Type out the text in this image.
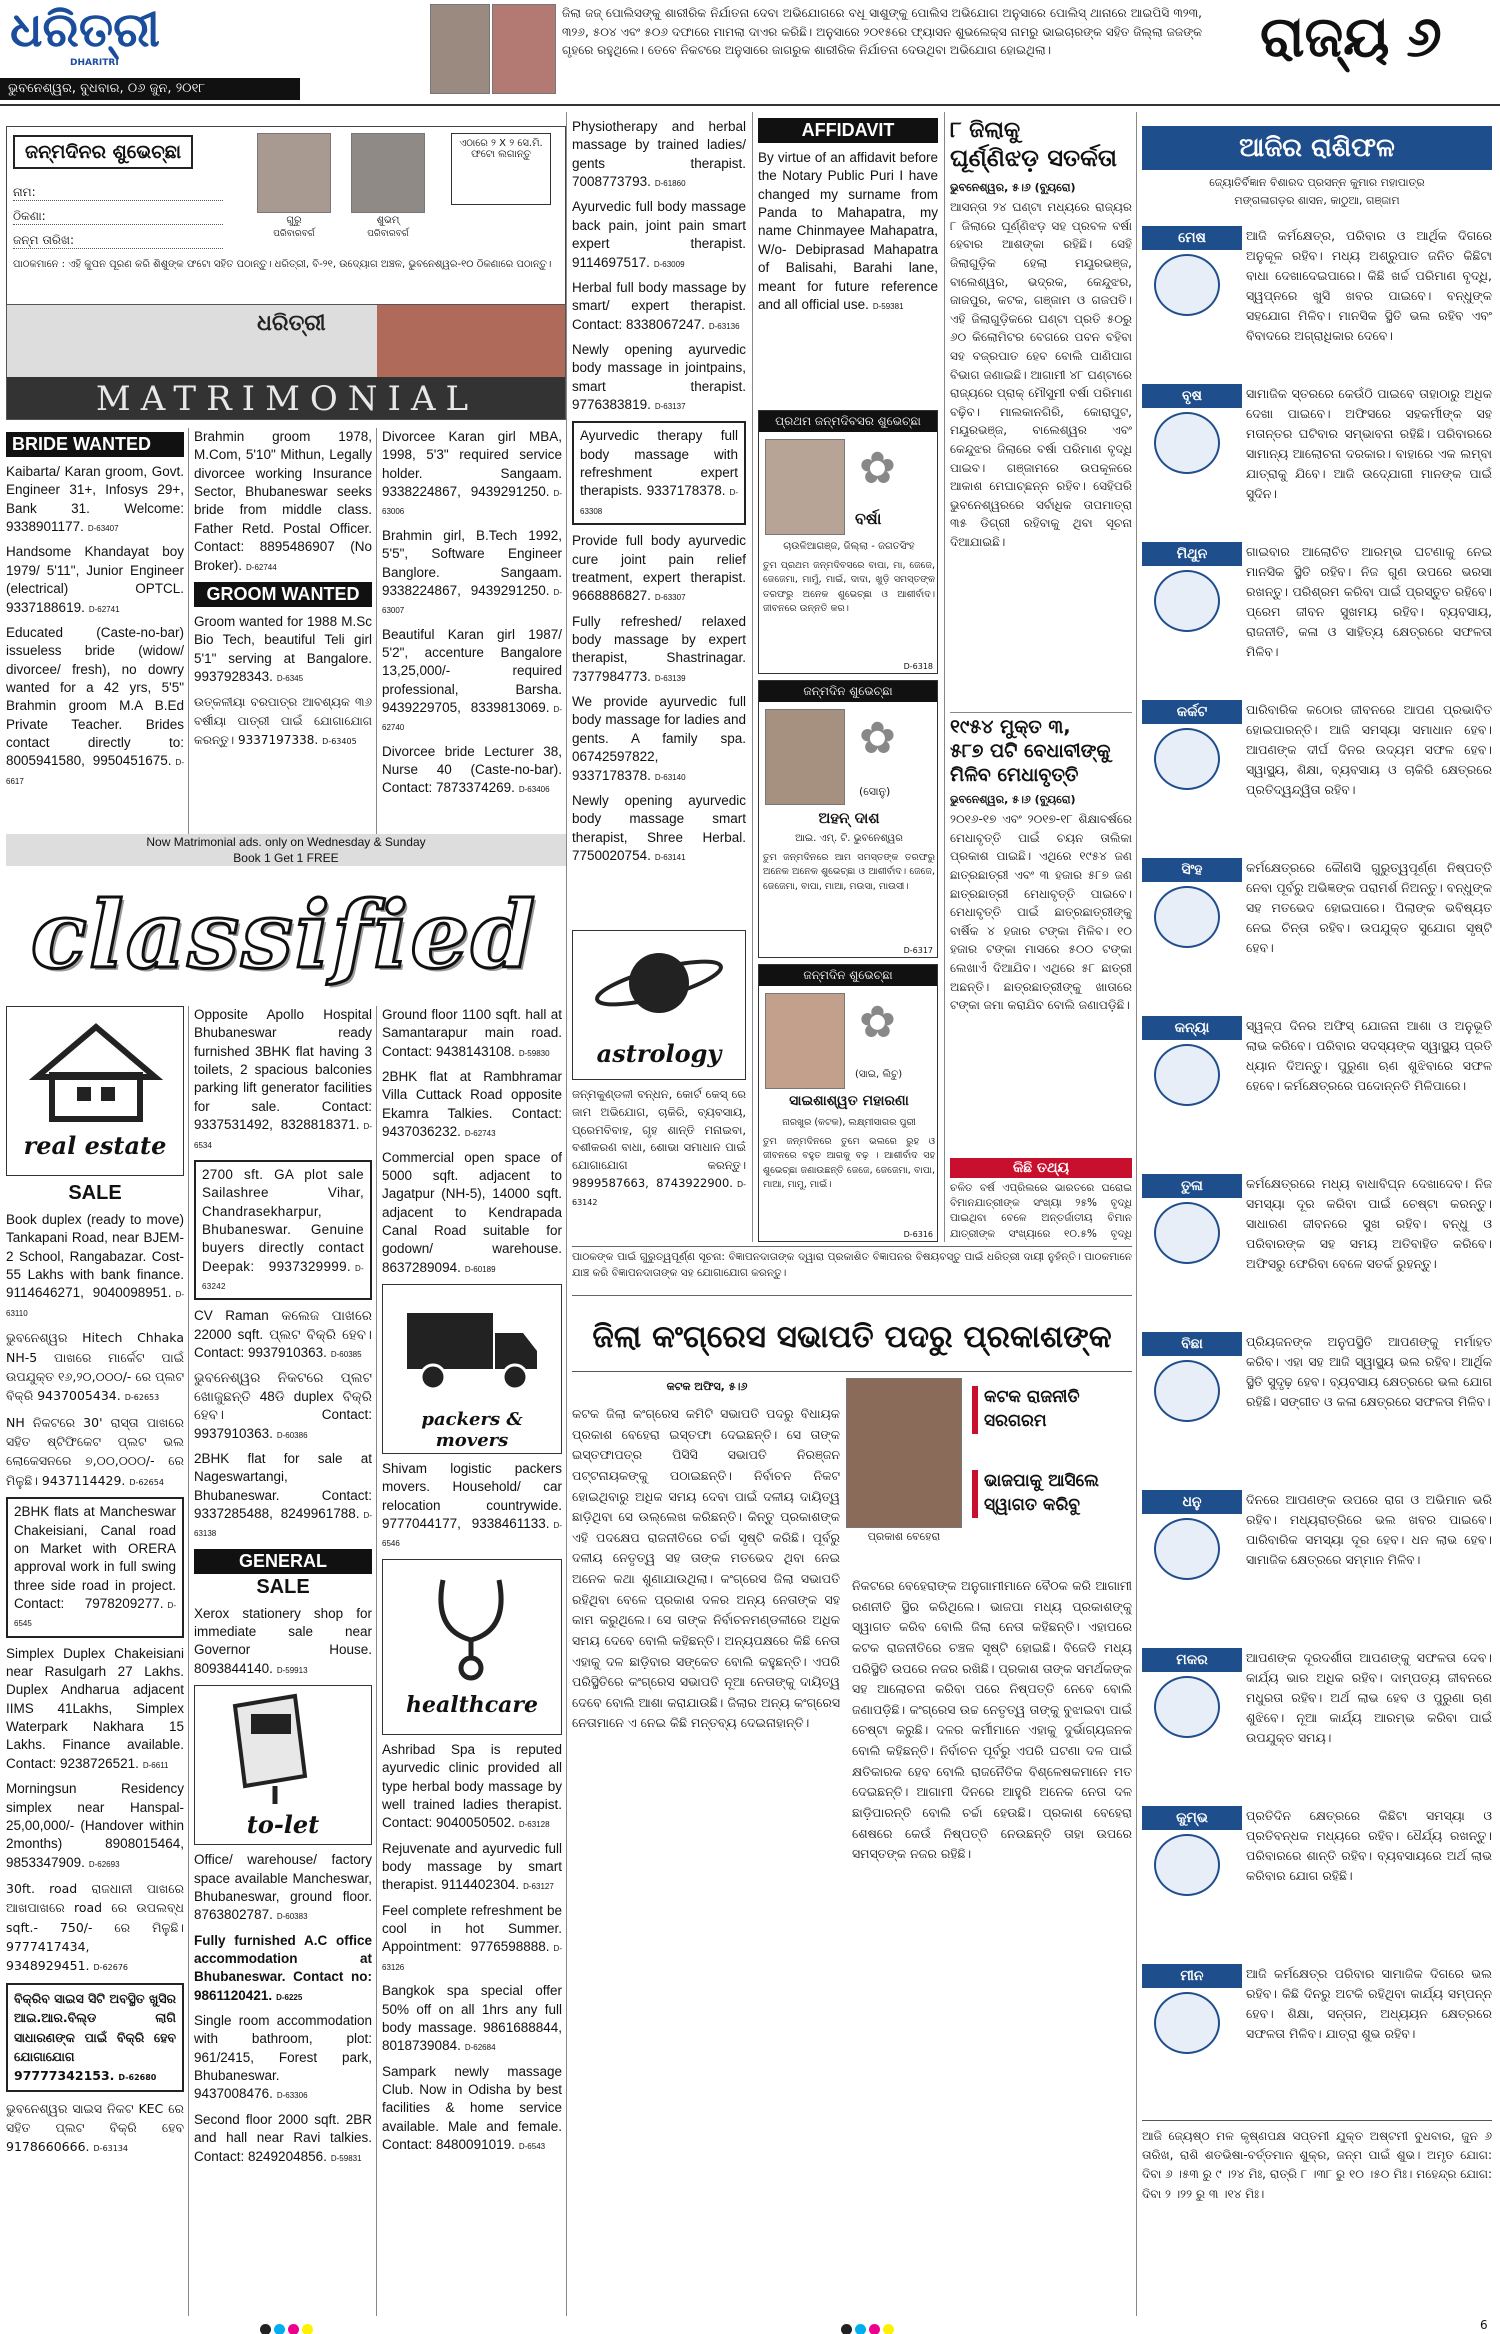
ଧରିତ୍ରୀ
DHARITRI
ଭୁବନେଶ୍ୱର, ବୁଧବାର, ୦୬ ଜୁନ, ୨୦୧୮
ଜିଲା ଜଜ୍ ପୋଲିସଙ୍କୁ ଶାରୀରିକ ନିର୍ଯାତନା ଦେବା ଅଭିଯୋଗରେ ବଧୂ ସାଶୁଙ୍କୁ ପୋଲିସ ଅଭିଯୋଗ ଅନୁସାରେ ପୋଲିସ୍ ଥାନାରେ ଆଇପିସି ୩୨୩, ୩୨୬, ୫୦୪ ଏବଂ ୫୦୬ ଦଫାରେ ମାମଲା ଦାଏର କରିଛି। ଅନୁସାରେ ୨୦୧୫ରେ ଫ୍ୟାସନ ଶୁଭଲେକ୍ସ ନାମରୁ ଭାଇଚାରଙ୍କ ସହିତ ଜିଲ୍ଲା ଜଜଙ୍କ ଗୃହରେ ରହୁଥିଲେ। ତେବେ ନିକଟରେ ଅନୁସାରେ ଜାଗରୁକ ଶାରୀରିକ ନିର୍ଯାତନା ଦେଉଥିବା ଅଭିଯୋଗ ହୋଇଥିଲା।	ରାଜ୍ୟ ୬
ଜନ୍ମଦିନର ଶୁଭେଚ୍ଛା
ନାମ:
ଠିକଣା:
ଜନ୍ମ ତାରିଖ:
ଗୁରୁ
ପରିବାରବର୍ଗ
ଶୁଭମ୍
ପରିବାରବର୍ଗ
ଏଠାରେ ୨ X ୨ ସେ.ମି. ଫଟୋ ଲଗାନ୍ତୁ
ପାଠକମାନେ : ଏହି କୁପନ ପୂରଣ କରି ଶିଶୁଙ୍କ ଫଟୋ ସହିତ ପଠାନ୍ତୁ। ଧରିତ୍ରୀ, ବି-୨୧, ଉଦ୍ୟୋଗ ଅଞ୍ଚଳ, ଭୁବନେଶ୍ୱର-୧୦ ଠିକଣାରେ ପଠାନ୍ତୁ।
ଧରିତ୍ରୀ
MATRIMONIAL
BRIDE WANTED
Kaibarta/ Karan groom, Govt. Engineer 31+, Infosys 29+, Bank 31. Welcome: 9338901177. D-63407
Handsome Khandayat boy 1979/ 5'11", Junior Engineer (electrical) OPTCL. 9337188619. D-62741
Educated (Caste-no-bar) issueless bride (widow/ divorcee/ fresh), no dowry wanted for a 42 yrs, 5'5" Brahmin groom M.A B.Ed Private Teacher. Brides contact directly to: 8005941580, 9950451675. D-6617
Brahmin groom 1978, M.Com, 5'10" Mithun, Legally divorcee working Insurance Sector, Bhubaneswar seeks bride from middle class. Father Retd. Postal Officer. Contact: 8895486907 (No Broker). D-62744
GROOM WANTED
Groom wanted for 1988 M.Sc Bio Tech, beautiful Teli girl 5'1" serving at Bangalore. 9937928343. D-6345
ଉତ୍କଳୀୟା ବରପାତ୍ର ଆବଶ୍ୟକ ୩୬ ବର୍ଷୀୟା ପାତ୍ରୀ ପାଇଁ ଯୋଗାଯୋଗ କରନ୍ତୁ। 9337197338. D-63405
Divorcee Karan girl MBA, 1998, 5'3" required service holder. Sangaam. 9338224867, 9439291250. D-63006
Brahmin girl, B.Tech 1992, 5'5", Software Engineer Banglore. Sangaam. 9338224867, 9439291250. D-63007
Beautiful Karan girl 1987/ 5'2", accenture Bangalore 13,25,000/- required professional, Barsha. 9439229705, 8339813069. D-62740
Divorcee bride Lecturer 38, Nurse 40 (Caste-no-bar). Contact: 7873374269. D-63406
Now Matrimonial ads. only on Wednesday & Sunday
Book 1 Get 1 FREE
classified
real estate
SALE
Book duplex (ready to move) Tankapani Road, near BJEM-2 School, Rangabazar. Cost- 55 Lakhs with bank finance. 9114646271, 9040098951. D-63110
ଭୁବନେଶ୍ୱର Hitech Chhaka NH-5 ପାଖରେ ମାର୍କେଟ ପାଇଁ ଉପଯୁକ୍ତ ୧୬,୨୦,୦୦୦/- ରେ ପ୍ଲଟ ବିକ୍ରି 9437005434. D-62653
NH ନିକଟରେ 30' ରାସ୍ତା ପାଖରେ ସହିତ ଷ୍ଟିଫିକେଟ ପ୍ଲଟ ଭଲ ଲୋକେସନରେ ୭,୦୦,୦୦୦/- ରେ ମିଳୁଛି। 9437114429. D-62654
2BHK flats at Mancheswar Chakeisiani, Canal road on Market with ORERA approval work in full swing three side road in project. Contact: 7978209277. D-6545
Simplex Duplex Chakeisiani near Rasulgarh 27 Lakhs. Duplex Andharua adjacent IIMS 41Lakhs, Simplex Waterpark Nakhara 15 Lakhs. Finance available. Contact: 9238726521. D-6611
Morningsun Residency simplex near Hanspal-25,00,000/- (Handover within 2months) 8908015464, 9853347909. D-62693
30ft. road ରାଜଧାନୀ ପାଖରେ ଆଖପାଖରେ road ରେ ଉପଲବ୍ଧ sqft.- 750/- ରେ ମିଳୁଛି। 9777417434, 9348929451. D-62676
ବିକ୍ରିବ ସାଇସ ସିଟି ଅବସ୍ଥିତ ଖୁସିର ଆଇ.ଆର.ବିଲ୍ଡ ଲାଗି ସାଧାରଣଙ୍କ ପାଇଁ ବିକ୍ରି ହେବ ଯୋଗାଯୋଗ 97777342153. D-62680
ଭୁବନେଶ୍ୱର ସାଇସ ନିକଟ KEC ରେ ସହିତ ପ୍ଲଟ ବିକ୍ରି ହେବ 9178660666. D-63134
Opposite Apollo Hospital Bhubaneswar ready furnished 3BHK flat having 3 toilets, 2 spacious balconies parking lift generator facilities for sale. Contact: 9337531492, 8328818371. D-6534
2700 sft. GA plot sale Sailashree Vihar, Chandrasekharpur, Bhubaneswar. Genuine buyers directly contact Deepak: 9937329999. D-63242
CV Raman କଲେଜ ପାଖରେ 22000 sqft. ପ୍ଲଟ ବିକ୍ରି ହେବ। Contact: 9937910363. D-60385
ଭୁବନେଶ୍ୱର ନିକଟରେ ପ୍ଲଟ ଖୋଜୁଛନ୍ତି 48ଡି duplex ବିକ୍ରି ହେବ। Contact: 9937910363. D-60386
2BHK flat for sale at Nageswartangi, Bhubaneswar. Contact: 9337285488, 8249961788. D-63138
GENERAL
SALE
Xerox stationery shop for immediate sale near Governor House. 8093844140. D-59913
to-let
Office/ warehouse/ factory space available Mancheswar, Bhubaneswar, ground floor. 8763802787. D-60383
Fully furnished A.C office accommodation at Bhubaneswar. Contact no: 9861120421. D-6225
Single room accommodation with bathroom, plot: 961/2415, Forest park, Bhubaneswar. 9437008476. D-63306
Second floor 2000 sqft. 2BR and hall near Ravi talkies. Contact: 8249204856. D-59831
Ground floor 1100 sqft. hall at Samantarapur main road. Contact: 9438143108. D-59830
2BHK flat at Rambhramar Villa Cuttack Road opposite Ekamra Talkies. Contact: 9437036232. D-62743
Commercial open space of 5000 sqft. adjacent to Jagatpur (NH-5), 14000 sqft. adjacent to Kendrapada Canal Road suitable for godown/ warehouse. 8637289094. D-60189
packers & movers
Shivam logistic packers movers. Household/ car relocation countrywide. 9777044177, 9338461133. D-6546
healthcare
Ashribad Spa is reputed ayurvedic clinic provided all type herbal body massage by well trained ladies therapist. Contact: 9040050502. D-63128
Rejuvenate and ayurvedic full body massage by smart therapist. 9114402304. D-63127
Feel complete refreshment be cool in hot Summer. Appointment: 9776598888. D-63126
Bangkok spa special offer 50% off on all 1hrs any full body massage. 9861688844, 8018739084. D-62684
Sampark newly massage Club. Now in Odisha by best facilities & home service available. Male and female. Contact: 8480091019. D-6543
Physiotherapy and herbal massage by trained ladies/ gents therapist. 7008773793. D-61860
Ayurvedic full body massage back pain, joint pain smart expert therapist. 9114697517. D-63009
Herbal full body massage by smart/ expert therapist. Contact: 8338067247. D-63136
Newly opening ayurvedic body massage in jointpains, smart therapist. 9776383819. D-63137
Ayurvedic therapy full body massage with refreshment expert therapists. 9337178378. D-63308
Provide full body ayurvedic cure joint pain relief treatment, expert therapist. 9668886827. D-63307
Fully refreshed/ relaxed body massage by expert therapist, Shastrinagar. 7377984773. D-63139
We provide ayurvedic full body massage for ladies and gents. A family spa. 06742597822, 9337178378. D-63140
Newly opening ayurvedic body massage smart therapist, Shree Herbal. 7750020754. D-63141
astrology
ଜନ୍ମକୁଣ୍ଡଳୀ ବନ୍ଧନ, କୋର୍ଟ କେସ୍ ରେ ଜାମ ଅଭିଯୋଗ, ଚାକିରି, ବ୍ୟବସାୟ, ପ୍ରେମବିବାହ, ଗୃହ ଶାନ୍ତି ମନାଇବା, ବଶୀକରଣ ବାଧା, ଶୋଭା ସମାଧାନ ପାଇଁ ଯୋଗାଯୋଗ କରନ୍ତୁ। 9899587663, 8743922900. D-63142
AFFIDAVIT
By virtue of an affidavit before the Notary Public Puri I have changed my surname from Panda to Mahapatra, my name Chinmayee Mahapatra, W/o- Debiprasad Mahapatra of Balisahi, Barahi lane, meant for future reference and all official use. D-59381
ପ୍ରଥମ ଜନ୍ମଦିବସର ଶୁଭେଚ୍ଛା
✿
ବର୍ଷା
ଚାଉଳିଆଗଞ୍ଜ, ଜିଲ୍ଲା - ଜଗତସିଂହ
ତୁମ ପ୍ରଥମ ଜନ୍ମଦିବସରେ ବାପା, ମା, ଜେଜେ, ଜେଜେମା, ମାମୁଁ, ମାଇଁ, ଦାଦା, ଖୁଡ଼ି ସମସ୍ତଙ୍କ ତରଫରୁ ଅନେକ ଶୁଭେଚ୍ଛା ଓ ଆଶୀର୍ବାଦ। ଜୀବନରେ ଉନ୍ନତି କର।
D-6318
ଜନ୍ମଦିନ ଶୁଭେଚ୍ଛା
✿
(ସୋନୁ)
ଅହନ୍ ଦାଶ
ଆଇ. ଏମ୍. ଟି. ଭୁବନେଶ୍ୱର
ତୁମ ଜନ୍ମଦିନରେ ଆମ ସମସ୍ତଙ୍କ ତରଫରୁ ଅନେକ ଅନେକ ଶୁଭେଚ୍ଛା ଓ ଆଶୀର୍ବାଦ। ଜେଜେ, ଜେଜେମା, ବାପା, ମାଆ, ମଉସା, ମାଉସୀ।
D-6317
ଜନ୍ମଦିନ ଶୁଭେଚ୍ଛା
✿
(ସାଇ, ଲିଚୁ)
ସାଇଶାଶ୍ୱତ ମହାରଣା
ନାରଖୁର (କଟକ), ଲକ୍ଷ୍ମୀସାଗର ପୁରୀ
ତୁମ ଜନ୍ମଦିନରେ ତୁମେ ଭଲରେ ରୁହ ଓ ଜୀବନରେ ବହୁତ ଆଗକୁ ବଢ଼ । ଆଶୀର୍ବାଦ ସହ ଶୁଭେଚ୍ଛା ଜଣାଉଛନ୍ତି ଜେଜେ, ଜେଜେମା, ବାପା, ମାଆ, ମାମୁ, ମାଇଁ।
D-6316
ପାଠକଙ୍କ ପାଇଁ ଗୁରୁତ୍ୱପୂର୍ଣ୍ଣ ସୂଚନା: ବିଜ୍ଞାପନଦାତାଙ୍କ ଦ୍ୱାରା ପ୍ରକାଶିତ ବିଜ୍ଞାପନର ବିଷୟବସ୍ତୁ ପାଇଁ ଧରିତ୍ରୀ ଦାୟୀ ନୁହଁନ୍ତି। ପାଠକମାନେ ଯାଞ୍ଚ କରି ବିଜ୍ଞାପନଦାତାଙ୍କ ସହ ଯୋଗାଯୋଗ କରନ୍ତୁ।
୮ ଜିଲାକୁ
ଘୂର୍ଣ୍ଣିଝଡ଼ ସତର୍କତା
ଭୁବନେଶ୍ୱର, ୫।୬ (ବ୍ୟୁରୋ)
ଆସନ୍ତା ୨୪ ଘଣ୍ଟା ମଧ୍ୟରେ ରାଜ୍ୟର ୮ ଜିଲାରେ ଘୂର୍ଣ୍ଣିଝଡ଼ ସହ ପ୍ରବଳ ବର୍ଷା ହେବାର ଆଶଙ୍କା ରହିଛି। ସେହି ଜିଲାଗୁଡ଼ିକ ହେଲା ମୟୂରଭଞ୍ଜ, ବାଲେଶ୍ୱର, ଭଦ୍ରକ, କେନ୍ଦୁଝର, ଜାଜପୁର, କଟକ, ଗଞ୍ଜାମ ଓ ଗଜପତି। ଏହି ଜିଲାଗୁଡ଼ିକରେ ଘଣ୍ଟା ପ୍ରତି ୫୦ରୁ ୬୦ କିଲୋମିଟର ବେଗରେ ପବନ ବହିବା ସହ ବଜ୍ରପାତ ହେବ ବୋଲି ପାଣିପାଗ ବିଭାଗ ଜଣାଇଛି। ଆଗାମୀ ୪୮ ଘଣ୍ଟାରେ ରାଜ୍ୟରେ ପ୍ରାକ୍ ମୌସୁମୀ ବର୍ଷା ପରିମାଣ ବଢ଼ିବ। ମାଲକାନଗିରି, କୋରାପୁଟ, ମୟୂରଭଞ୍ଜ, ବାଲେଶ୍ୱର ଏବଂ କେନ୍ଦୁଝର ଜିଲାରେ ବର୍ଷା ପରିମାଣ ବୃଦ୍ଧି ପାଇବ। ଗଞ୍ଜାମରେ ଉପକୂଳରେ ଆକାଶ ମେଘାଚ୍ଛନ୍ନ ରହିବ। ସେହିପରି ଭୁବନେଶ୍ୱରରେ ସର୍ବାଧିକ ତାପମାତ୍ରା ୩୫ ଡିଗ୍ରୀ ରହିବାକୁ ଥିବା ସୂଚନା ଦିଆଯାଇଛି।
୧୯୫୪ ମୁକ୍ତ ୩,
୫୮୭ ପଟି ବେଧାବୀଙ୍କୁ
ମିଳିବ ମେଧାବୃତ୍ତି
ଭୁବନେଶ୍ୱର, ୫।୬ (ବ୍ୟୁରୋ)
୨୦୧୬-୧୭ ଏବଂ ୨୦୧୭-୧୮ ଶିକ୍ଷାବର୍ଷରେ ମେଧାବୃତ୍ତି ପାଇଁ ଚୟନ ତାଲିକା ପ୍ରକାଶ ପାଇଛି। ଏଥିରେ ୧୯୫୪ ଜଣ ଛାତ୍ରଛାତ୍ରୀ ଏବଂ ୩ ହଜାର ୫୮୭ ଜଣ ଛାତ୍ରଛାତ୍ରୀ ମେଧାବୃତ୍ତି ପାଇବେ। ମେଧାବୃତ୍ତି ପାଇଁ ଛାତ୍ରଛାତ୍ରୀଙ୍କୁ ବାର୍ଷିକ ୪ ହଜାର ଟଙ୍କା ମିଳିବ। ୧୦ ହଜାର ଟଙ୍କା ମାସରେ ୫୦୦ ଟଙ୍କା ଲେଖାଏଁ ଦିଆଯିବ। ଏଥିରେ ୫୮ ଛାତ୍ରୀ ଅଛନ୍ତି। ଛାତ୍ରଛାତ୍ରୀଙ୍କୁ ଖାତାରେ ଟଙ୍କା ଜମା କରାଯିବ ବୋଲି ଜଣାପଡ଼ିଛି।
କିଛି ତଥ୍ୟ
ଚଳିତ ବର୍ଷ ଏପ୍ରିଲରେ ଭାରତରେ ଘରୋଇ ବିମାନଯାତ୍ରୀଙ୍କ ସଂଖ୍ୟା ୨୫% ବୃଦ୍ଧି ପାଇଥିବା ବେଳେ ଅନ୍ତର୍ଜାତୀୟ ବିମାନ ଯାତ୍ରୀଙ୍କ ସଂଖ୍ୟାରେ ୧୦.୫% ବୃଦ୍ଧି
ଜିଲା କଂଗ୍ରେସ ସଭାପତି ପଦରୁ ପ୍ରକାଶଙ୍କ
କଟକ ଅଫିସ, ୫।୬
ପ୍ରକାଶ ବେହେରା
କଟକ ରାଜନୀତି ସରଗରମ
ଭାଜପାକୁ ଆସିଲେ ସ୍ୱାଗତ କରିବୁ
କଟକ ଜିଲା କଂଗ୍ରେସ କମିଟି ସଭାପତି ପଦରୁ ବିଧାୟକ ପ୍ରକାଶ ବେହେରା ଇସ୍ତଫା ଦେଇଛନ୍ତି। ସେ ତାଙ୍କ ଇସ୍ତଫାପତ୍ର ପିସିସି ସଭାପତି ନିରଞ୍ଜନ ପଟ୍ଟନାୟକଙ୍କୁ ପଠାଇଛନ୍ତି। ନିର୍ବାଚନ ନିକଟ ହୋଇଥିବାରୁ ଅଧିକ ସମୟ ଦେବା ପାଇଁ ଦଳୀୟ ଦାୟିତ୍ୱ ଛାଡ଼ିଥିବା ସେ ଉଲ୍ଲେଖ କରିଛନ୍ତି। କିନ୍ତୁ ପ୍ରକାଶଙ୍କ ଏହି ପଦକ୍ଷେପ ରାଜନୀତିରେ ଚର୍ଚ୍ଚା ସୃଷ୍ଟି କରିଛି। ପୂର୍ବରୁ ଦଳୀୟ ନେତୃତ୍ୱ ସହ ତାଙ୍କ ମତଭେଦ ଥିବା ନେଇ ଅନେକ କଥା ଶୁଣାଯାଉଥିଲା। କଂଗ୍ରେସ ଜିଲା ସଭାପତି ରହିଥିବା ବେଳେ ପ୍ରକାଶ ଦଳର ଅନ୍ୟ ନେତାଙ୍କ ସହ କାମ କରୁଥିଲେ। ସେ ତାଙ୍କ ନିର୍ବାଚନମଣ୍ଡଳୀରେ ଅଧିକ ସମୟ ଦେବେ ବୋଲି କହିଛନ୍ତି। ଅନ୍ୟପକ୍ଷରେ କିଛି ନେତା ଏହାକୁ ଦଳ ଛାଡ଼ିବାର ସଙ୍କେତ ବୋଲି କହୁଛନ୍ତି। ଏପରି ପରିସ୍ଥିତିରେ କଂଗ୍ରେସ ସଭାପତି ନୂଆ ନେତାଙ୍କୁ ଦାୟିତ୍ୱ ଦେବେ ବୋଲି ଆଶା କରାଯାଉଛି। ଜିଲାର ଅନ୍ୟ କଂଗ୍ରେସ ନେତାମାନେ ଏ ନେଇ କିଛି ମନ୍ତବ୍ୟ ଦେଇନାହାନ୍ତି।
ନିକଟରେ ବେହେରାଙ୍କ ଅନୁଗାମୀମାନେ ବୈଠକ କରି ଆଗାମୀ ରଣନୀତି ସ୍ଥିର କରିଥିଲେ। ଭାଜପା ମଧ୍ୟ ପ୍ରକାଶଙ୍କୁ ସ୍ୱାଗତ କରିବ ବୋଲି ଜିଲା ନେତା କହିଛନ୍ତି। ଏହାପରେ କଟକ ରାଜନୀତିରେ ଚଞ୍ଚଳ ସୃଷ୍ଟି ହୋଇଛି। ବିଜେଡି ମଧ୍ୟ ପରିସ୍ଥିତି ଉପରେ ନଜର ରଖିଛି। ପ୍ରକାଶ ତାଙ୍କ ସମର୍ଥକଙ୍କ ସହ ଆଲୋଚନା କରିବା ପରେ ନିଷ୍ପତ୍ତି ନେବେ ବୋଲି ଜଣାପଡ଼ିଛି। କଂଗ୍ରେସ ଉଚ୍ଚ ନେତୃତ୍ୱ ତାଙ୍କୁ ବୁଝାଇବା ପାଇଁ ଚେଷ୍ଟା କରୁଛି। ଦଳର କର୍ମୀମାନେ ଏହାକୁ ଦୁର୍ଭାଗ୍ୟଜନକ ବୋଲି କହିଛନ୍ତି। ନିର୍ବାଚନ ପୂର୍ବରୁ ଏପରି ଘଟଣା ଦଳ ପାଇଁ କ୍ଷତିକାରକ ହେବ ବୋଲି ରାଜନୈତିକ ବିଶ୍ଳେଷକମାନେ ମତ ଦେଇଛନ୍ତି। ଆଗାମୀ ଦିନରେ ଆହୁରି ଅନେକ ନେତା ଦଳ ଛାଡ଼ିପାରନ୍ତି ବୋଲି ଚର୍ଚ୍ଚା ହେଉଛି। ପ୍ରକାଶ ବେହେରା ଶେଷରେ କେଉଁ ନିଷ୍ପତ୍ତି ନେଉଛନ୍ତି ତାହା ଉପରେ ସମସ୍ତଙ୍କ ନଜର ରହିଛି।
ଆଜିର ରାଶିଫଳ
ଜ୍ୟୋତିର୍ବିଜ୍ଞାନ ବିଶାରଦ ପ୍ରସନ୍ନ କୁମାର ମହାପାତ୍ର
ମଙ୍ଗଳାଗଡ଼ର ଶାସନ, କାଠୁଆ, ଗଞ୍ଜାମ
ମେଷ	ଆଜି କର୍ମକ୍ଷେତ୍ର, ପରିବାର ଓ ଆର୍ଥିକ ଦିଗରେ ଅନୁକୂଳ ରହିବ। ମଧ୍ୟ ଅଶ୍ରୁପାତ ଜନିତ କିଛିଟା ବାଧା ଦେଖାଦେଇପାରେ। କିଛି ଖର୍ଚ୍ଚ ପରିମାଣ ବୃଦ୍ଧି, ସ୍ୱପ୍ନରେ ଖୁସି ଖବର ପାଇବେ। ବନ୍ଧୁଙ୍କ ସହଯୋଗ ମିଳିବ। ମାନସିକ ସ୍ଥିତି ଭଲ ରହିବ ଏବଂ ବିବାଦରେ ଅଗ୍ରାଧିକାର ଦେବେ।
ବୃଷ	ସାମାଜିକ ସ୍ତରରେ କେଉଁଠି ପାଇବେ ତାହାଠାରୁ ଅଧିକ ଦେଖା ପାଇବେ। ଅଫିସରେ ସହକର୍ମୀଙ୍କ ସହ ମତାନ୍ତର ଘଟିବାର ସମ୍ଭାବନା ରହିଛି। ପରିବାରରେ ସାମାନ୍ୟ ଆଲୋଚନା ଦରକାର। ବାହାରେ ଏକ ଲମ୍ବା ଯାତ୍ରାକୁ ଯିବେ। ଆଜି ଉଦ୍ଯୋଗୀ ମାନଙ୍କ ପାଇଁ ସୁଦିନ।
ମିଥୁନ	ଗାଇବାର ଆଲୋଚିତ ଆରମ୍ଭ ଘଟଣାକୁ ନେଇ ମାନସିକ ସ୍ଥିତି ରହିବ। ନିଜ ଗୁଣ ଉପରେ ଭରସା ରଖନ୍ତୁ। ପରିଶ୍ରମ କରିବା ପାଇଁ ପ୍ରସ୍ତୁତ ରହିବେ। ପ୍ରେମ ଜୀବନ ସୁଖମୟ ରହିବ। ବ୍ୟବସାୟ, ରାଜନୀତି, କଳା ଓ ସାହିତ୍ୟ କ୍ଷେତ୍ରରେ ସଫଳତା ମିଳିବ।
କର୍କଟ	ପାରିବାରିକ କଠୋର ଜୀବନରେ ଆପଣ ପ୍ରଭାବିତ ହୋଇପାରନ୍ତି। ଆଜି ସମସ୍ୟା ସମାଧାନ ହେବ। ଆପଣଙ୍କ ଦୀର୍ଘ ଦିନର ଉଦ୍ୟମ ସଫଳ ହେବ। ସ୍ୱାସ୍ଥ୍ୟ, ଶିକ୍ଷା, ବ୍ୟବସାୟ ଓ ଚାକିରି କ୍ଷେତ୍ରରେ ପ୍ରତିଦ୍ୱନ୍ଦ୍ୱିତା ରହିବ।
ସିଂହ	କର୍ମକ୍ଷେତ୍ରରେ କୌଣସି ଗୁରୁତ୍ୱପୂର୍ଣ୍ଣ ନିଷ୍ପତ୍ତି ନେବା ପୂର୍ବରୁ ଅଭିଜ୍ଞଙ୍କ ପରାମର୍ଶ ନିଅନ୍ତୁ। ବନ୍ଧୁଙ୍କ ସହ ମତଭେଦ ହୋଇପାରେ। ପିଲାଙ୍କ ଭବିଷ୍ୟତ ନେଇ ଚିନ୍ତା ରହିବ। ଉପଯୁକ୍ତ ସୁଯୋଗ ସୃଷ୍ଟି ହେବ।
କନ୍ୟା	ସ୍ୱଳ୍ପ ଦିନର ଅଫିସ୍ ଯୋଜନା ଆଶା ଓ ଅନୁଭୂତି ଲାଭ କରିବେ। ପରିବାର ସଦସ୍ୟଙ୍କ ସ୍ୱାସ୍ଥ୍ୟ ପ୍ରତି ଧ୍ୟାନ ଦିଅନ୍ତୁ। ପୁରୁଣା ଋଣ ଶୁଝିବାରେ ସଫଳ ହେବେ। କର୍ମକ୍ଷେତ୍ରରେ ପଦୋନ୍ନତି ମିଳିପାରେ।
ତୁଳା	କର୍ମକ୍ଷେତ୍ରରେ ମଧ୍ୟ ବାଧାବିଘ୍ନ ଦେଖାଦେବ। ନିଜ ସମସ୍ୟା ଦୂର କରିବା ପାଇଁ ଚେଷ୍ଟା କରନ୍ତୁ। ସାଧାରଣ ଜୀବନରେ ସୁଖ ରହିବ। ବନ୍ଧୁ ଓ ପରିବାରଙ୍କ ସହ ସମୟ ଅତିବାହିତ କରିବେ। ଅଫିସରୁ ଫେରିବା ବେଳେ ସତର୍କ ରୁହନ୍ତୁ।
ବିଛା	ପ୍ରିୟଜନଙ୍କ ଅନୁପସ୍ଥିତି ଆପଣଙ୍କୁ ମର୍ମାହତ କରିବ। ଏହା ସହ ଆଜି ସ୍ୱାସ୍ଥ୍ୟ ଭଲ ରହିବ। ଆର୍ଥିକ ସ୍ଥିତି ସୁଦୃଢ଼ ହେବ। ବ୍ୟବସାୟ କ୍ଷେତ୍ରରେ ଭଲ ଯୋଗ ରହିଛି। ସଙ୍ଗୀତ ଓ କଳା କ୍ଷେତ୍ରରେ ସଫଳତା ମିଳିବ।
ଧନୁ	ଦିନରେ ଆପଣଙ୍କ ଉପରେ ରାଗ ଓ ଅଭିମାନ ଭରି ରହିବ। ମଧ୍ୟରାତ୍ରିରେ ଭଲ ଖବର ପାଇବେ। ପାରିବାରିକ ସମସ୍ୟା ଦୂର ହେବ। ଧନ ଲାଭ ହେବ। ସାମାଜିକ କ୍ଷେତ୍ରରେ ସମ୍ମାନ ମିଳିବ।
ମକର	ଆପଣଙ୍କ ଦୂରଦର୍ଶୀତା ଆପଣଙ୍କୁ ସଫଳତା ଦେବ। କାର୍ଯ୍ୟ ଭାର ଅଧିକ ରହିବ। ଦାମ୍ପତ୍ୟ ଜୀବନରେ ମଧୁରତା ରହିବ। ଅର୍ଥ ଲାଭ ହେବ ଓ ପୁରୁଣା ଋଣ ଶୁଝିବେ। ନୂଆ କାର୍ଯ୍ୟ ଆରମ୍ଭ କରିବା ପାଇଁ ଉପଯୁକ୍ତ ସମୟ।
କୁମ୍ଭ	ପ୍ରତିଦିନ କ୍ଷେତ୍ରରେ କିଛିଟା ସମସ୍ୟା ଓ ପ୍ରତିବନ୍ଧକ ମଧ୍ୟରେ ରହିବ। ଧୈର୍ଯ୍ୟ ରଖନ୍ତୁ। ପରିବାରରେ ଶାନ୍ତି ରହିବ। ବ୍ୟବସାୟରେ ଅର୍ଥ ଲାଭ କରିବାର ଯୋଗ ରହିଛି।
ମୀନ	ଆଜି କର୍ମକ୍ଷେତ୍ର ପରିବାର ସାମାଜିକ ଦିଗରେ ଭଲ ରହିବ। କିଛି ଦିନରୁ ଅଟକି ରହିଥିବା କାର୍ଯ୍ୟ ସମ୍ପନ୍ନ ହେବ। ଶିକ୍ଷା, ସନ୍ତାନ, ଅଧ୍ୟୟନ କ୍ଷେତ୍ରରେ ସଫଳତା ମିଳିବ। ଯାତ୍ରା ଶୁଭ ରହିବ।
ଆଜି ଜ୍ୟେଷ୍ଠ ମଳ କୃଷ୍ଣପକ୍ଷ ସପ୍ତମୀ ଯୁକ୍ତ ଅଷ୍ଟମୀ ବୁଧବାର, ଜୁନ ୬ ତାରିଖ, ରାଶି ଶତଭିଷା-ବର୍ତ୍ତମାନ ଶୁକ୍ର, ଜନ୍ମ ପାଇଁ ଶୁଭ। ଅମୃତ ଯୋଗ: ଦିବା ୬ ।୫୩ ରୁ ୯ ।୨୪ ମିଃ, ରାତ୍ରି ୮ ।୩୮ ରୁ ୧୦ ।୫୦ ମିଃ। ମହେନ୍ଦ୍ର ଯୋଗ: ଦିବା ୨ ।୨୨ ରୁ ୩ ।୧୪ ମିଃ।

6
